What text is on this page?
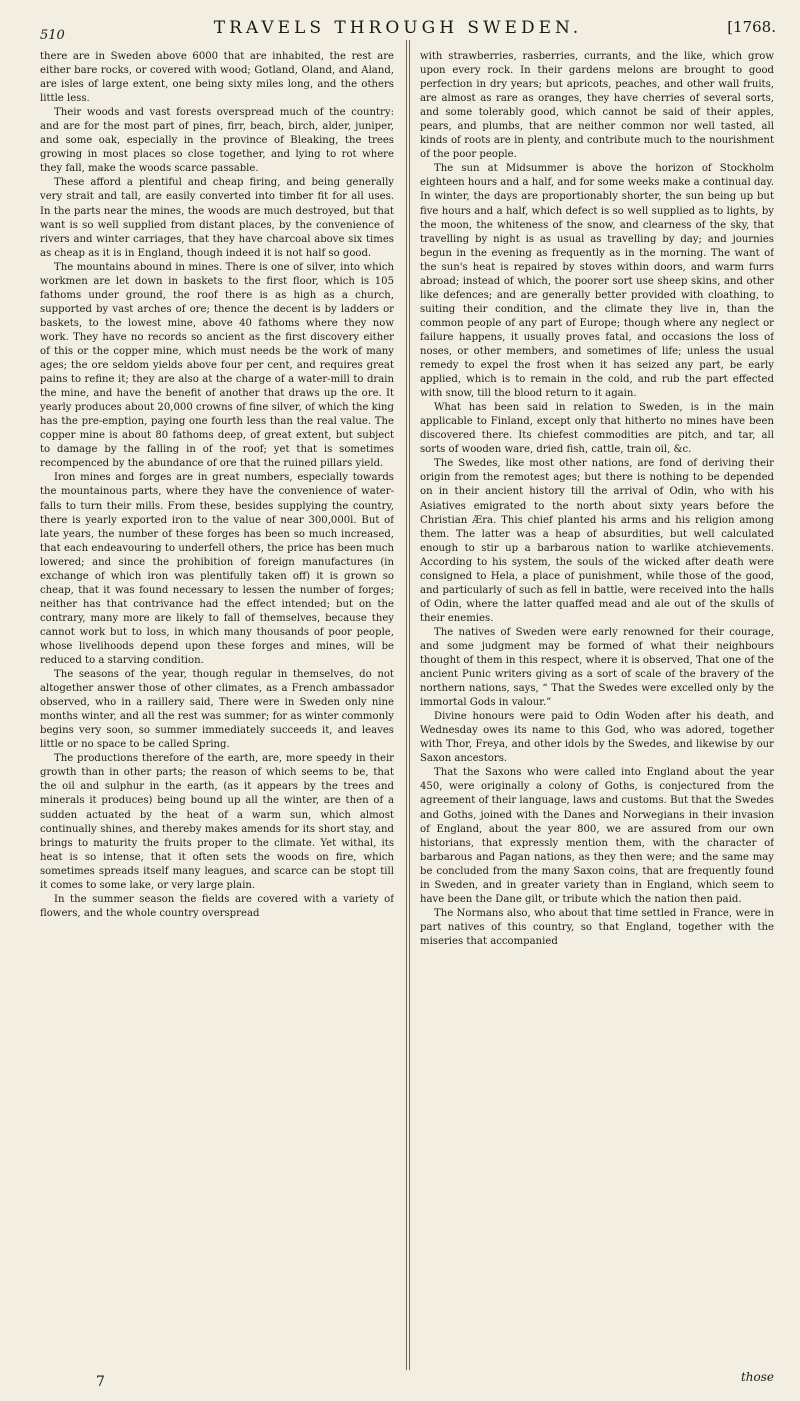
510	TRAVELS THROUGH SWEDEN.	[1768.

there are in Sweden above 6000 that are inhabited, the rest are either bare rocks, or covered with wood; Gotland, Oland, and Aland, are isles of large extent, one being sixty miles long, and the others little less.

Their woods and vast forests overspread much of the country: and are for the most part of pines, firr, beach, birch, alder, juniper, and some oak, especially in the province of Bleaking, the trees growing in most places so close together, and lying to rot where they fall, make the woods scarce passable.

These afford a plentiful and cheap firing, and being generally very strait and tall, are easily converted into timber fit for all uses. In the parts near the mines, the woods are much destroyed, but that want is so well supplied from distant places, by the convenience of rivers and winter carriages, that they have charcoal above six times as cheap as it is in England, though indeed it is not half so good.

The mountains abound in mines. There is one of silver, into which workmen are let down in baskets to the first floor, which is 105 fathoms under ground, the roof there is as high as a church, supported by vast arches of ore; thence the decent is by ladders or baskets, to the lowest mine, above 40 fathoms where they now work. They have no records so ancient as the first discovery either of this or the copper mine, which must needs be the work of many ages; the ore seldom yields above four per cent, and requires great pains to refine it; they are also at the charge of a water-mill to drain the mine, and have the benefit of another that draws up the ore. It yearly produces about 20,000 crowns of fine silver, of which the king has the pre-emption, paying one fourth less than the real value. The copper mine is about 80 fathoms deep, of great extent, but subject to damage by the falling in of the roof; yet that is sometimes recompenced by the abundance of ore that the ruined pillars yield.

Iron mines and forges are in great numbers, especially towards the mountainous parts, where they have the convenience of water-falls to turn their mills. From these, besides supplying the country, there is yearly exported iron to the value of near 300,000l. But of late years, the number of these forges has been so much increased, that each endeavouring to underfell others, the price has been much lowered; and since the prohibition of foreign manufactures (in exchange of which iron was plentifully taken off) it is grown so cheap, that it was found necessary to lessen the number of forges; neither has that contrivance had the effect intended; but on the contrary, many more are likely to fall of themselves, because they cannot work but to loss, in which many thousands of poor people, whose livelihoods depend upon these forges and mines, will be reduced to a starving condition.

The seasons of the year, though regular in themselves, do not altogether answer those of other climates, as a French ambassador observed, who in a raillery said, There were in Sweden only nine months winter, and all the rest was summer; for as winter commonly begins very soon, so summer immediately succeeds it, and leaves little or no space to be called Spring.

The productions therefore of the earth, are, more speedy in their growth than in other parts; the reason of which seems to be, that the oil and sulphur in the earth, (as it appears by the trees and minerals it produces) being bound up all the winter, are then of a sudden actuated by the heat of a warm sun, which almost continually shines, and thereby makes amends for its short stay, and brings to maturity the fruits proper to the climate. Yet withal, its heat is so intense, that it often sets the woods on fire, which sometimes spreads itself many leagues, and scarce can be stopt till it comes to some lake, or very large plain.

In the summer season the fields are covered with a variety of flowers, and the whole country overspread

with strawberries, rasberries, currants, and the like, which grow upon every rock. In their gardens melons are brought to good perfection in dry years; but apricots, peaches, and other wall fruits, are almost as rare as oranges, they have cherries of several sorts, and some tolerably good, which cannot be said of their apples, pears, and plumbs, that are neither common nor well tasted, all kinds of roots are in plenty, and contribute much to the nourishment of the poor people.

The sun at Midsummer is above the horizon of Stockholm eighteen hours and a half, and for some weeks make a continual day. In winter, the days are proportionably shorter, the sun being up but five hours and a half, which defect is so well supplied as to lights, by the moon, the whiteness of the snow, and clearness of the sky, that travelling by night is as usual as travelling by day; and journies begun in the evening as frequently as in the morning. The want of the sun's heat is repaired by stoves within doors, and warm furrs abroad; instead of which, the poorer sort use sheep skins, and other like defences; and are generally better provided with cloathing, to suiting their condition, and the climate they live in, than the common people of any part of Europe; though where any neglect or failure happens, it usually proves fatal, and occasions the loss of noses, or other members, and sometimes of life; unless the usual remedy to expel the frost when it has seized any part, be early applied, which is to remain in the cold, and rub the part effected with snow, till the blood return to it again.

What has been said in relation to Sweden, is in the main applicable to Finland, except only that hitherto no mines have been discovered there. Its chiefest commodities are pitch, and tar, all sorts of wooden ware, dried fish, cattle, train oil, &c.

The Swedes, like most other nations, are fond of deriving their origin from the remotest ages; but there is nothing to be depended on in their ancient history till the arrival of Odin, who with his Asiatives emigrated to the north about sixty years before the Christian Æra. This chief planted his arms and his religion among them. The latter was a heap of absurdities, but well calculated enough to stir up a barbarous nation to warlike atchievements. According to his system, the souls of the wicked after death were consigned to Hela, a place of punishment, while those of the good, and particularly of such as fell in battle, were received into the halls of Odin, where the latter quaffed mead and ale out of the skulls of their enemies.

The natives of Sweden were early renowned for their courage, and some judgment may be formed of what their neighbours thought of them in this respect, where it is observed, That one of the ancient Punic writers giving as a sort of scale of the bravery of the northern nations, says, “ That the Swedes were excelled only by the immortal Gods in valour.”

Divine honours were paid to Odin Woden after his death, and Wednesday owes its name to this God, who was adored, together with Thor, Freya, and other idols by the Swedes, and likewise by our Saxon ancestors.

That the Saxons who were called into England about the year 450, were originally a colony of Goths, is conjectured from the agreement of their language, laws and customs. But that the Swedes and Goths, joined with the Danes and Norwegians in their invasion of England, about the year 800, we are assured from our own historians, that expressly mention them, with the character of barbarous and Pagan nations, as they then were; and the same may be concluded from the many Saxon coins, that are frequently found in Sweden, and in greater variety than in England, which seem to have been the Dane gilt, or tribute which the nation then paid.

The Normans also, who about that time settled in France, were in part natives of this country, so that England, together with the miseries that accompanied

7	those
